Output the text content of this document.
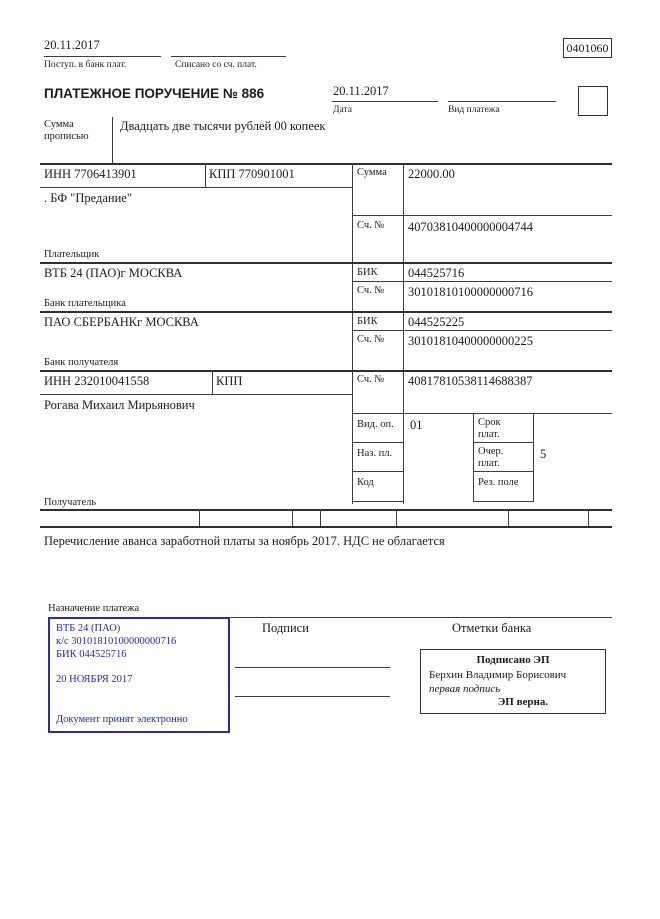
20.11.2017
Поступ. в банк плат.	Списано со сч. плат.
0401060
ПЛАТЕЖНОЕ ПОРУЧЕНИЕ № 886	20.11.2017
Дата	Вид платежа
Сумма прописью
Двадцать две тысячи рублей 00 копеек
ИНН 7706413901	КПП 770901001
. БФ "Предание"
Плательщик
Сумма 22000.00
Сч. № 40703810400000004744
ВТБ 24 (ПАО)г МОСКВА	БИК 044525716
Сч. № 30101810100000000716
Банк плательщика
ПАО СБЕРБАНКг МОСКВА	БИК 044525225
Сч. № 30101810400000000225
Банк получателя
ИНН 232010041558	КПП	Сч. № 40817810538114688387
Рогава Михаил Мирьянович
Получатель
Вид. оп. 01
Наз. пл.
Код
Срок плат.
Очер. плат.
5
Рез. поле
Перечисление аванса заработной платы за ноябрь 2017. НДС не облагается
Назначение платежа
ВТБ 24 (ПАО)
к/с 30101810100000000716
БИК 044525716
20 НОЯБРЯ 2017
Документ принят электронно
Подписи	Отметки банка
Подписано ЭП
Берхин Владимир Борисович
первая подпись
ЭП верна.
